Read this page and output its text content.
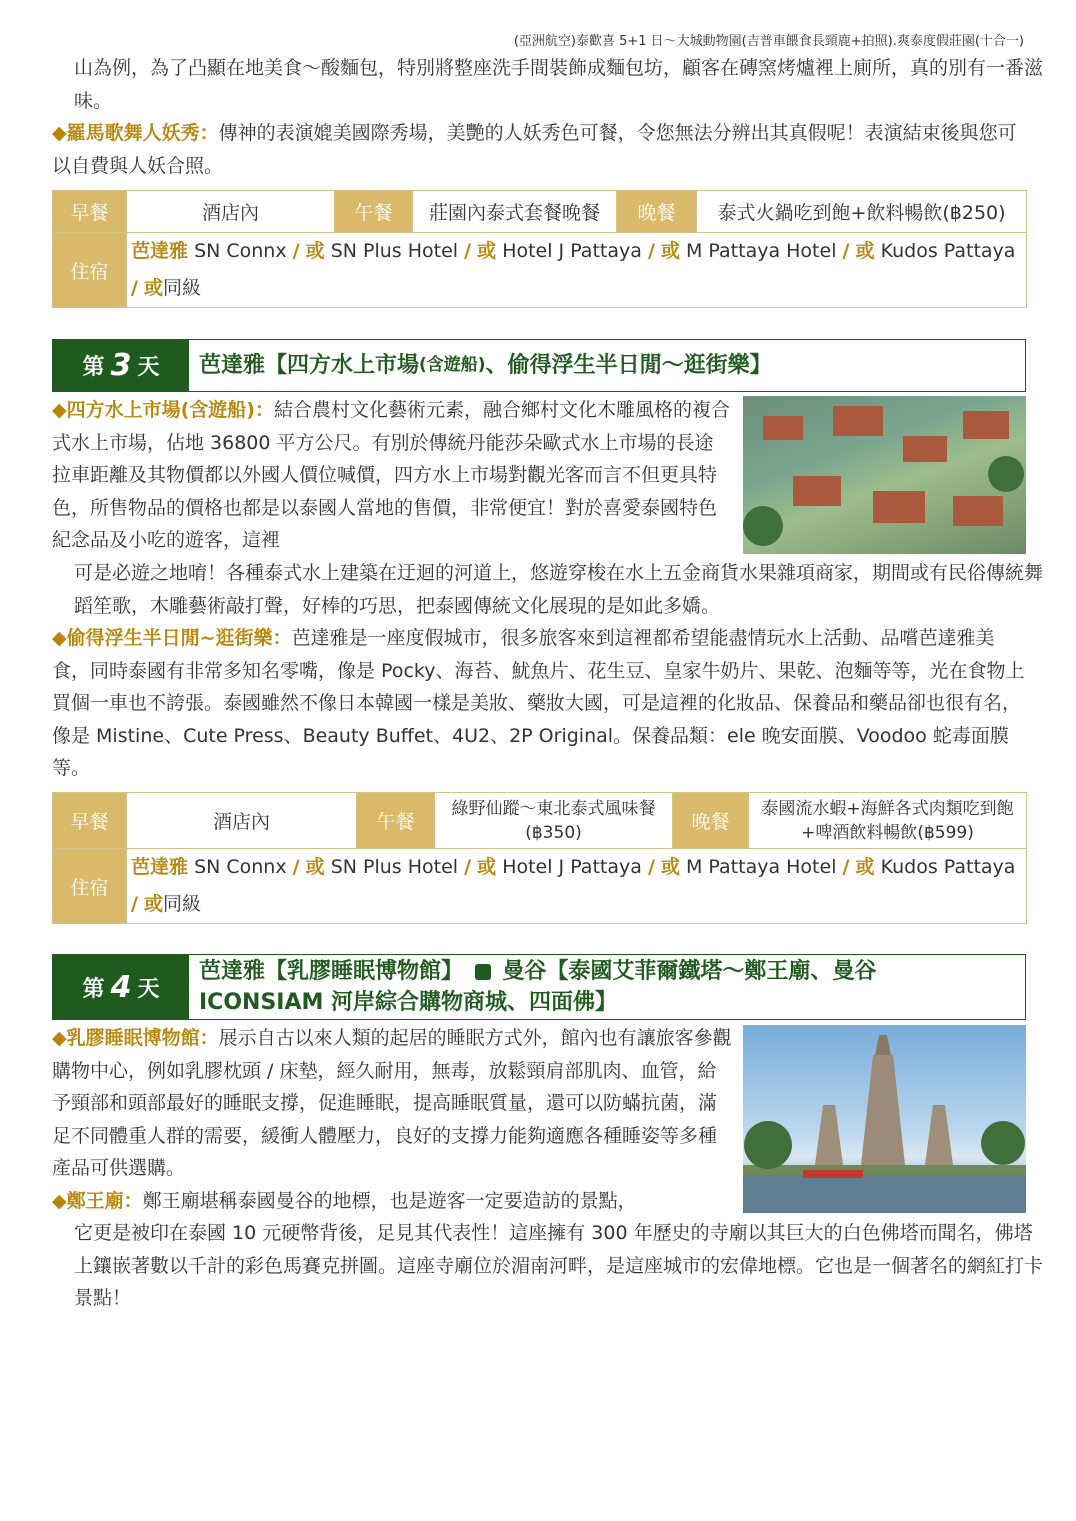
(亞洲航空)泰歡喜 5+1 日～大城動物園(吉普車餵食長頸鹿+拍照).爽泰度假莊園(十合一)
山為例，為了凸顯在地美食～酸麵包，特別將整座洗手間裝飾成麵包坊，顧客在磚窯烤爐裡上廁所，真的別有一番滋味。
◆羅馬歌舞人妖秀：傳神的表演媲美國際秀場，美艷的人妖秀色可餐，令您無法分辨出其真假呢！表演結束後與您可以自費與人妖合照。
早餐	酒店內	午餐	莊園內泰式套餐晚餐	晚餐	泰式火鍋吃到飽+飲料暢飲(฿250)
住宿	芭達雅 SN Connx / 或 SN Plus Hotel / 或 Hotel J Pattaya / 或 M Pattaya Hotel / 或 Kudos Pattaya / 或同級				
第 3 天 芭達雅【四方水上市場 (含遊船) 、偷得浮生半日閒～逛街樂】
◆四方水上市場(含遊船)：結合農村文化藝術元素，融合鄉村文化木雕風格的複合式水上市場，佔地 36800 平方公尺。有別於傳統丹能莎朵歐式水上市場的長途拉車距離及其物價都以外國人價位喊價，四方水上市場對觀光客而言不但更具特色，所售物品的價格也都是以泰國人當地的售價，非常便宜！對於喜愛泰國特色紀念品及小吃的遊客，這裡
可是必遊之地唷！各種泰式水上建築在迂迴的河道上，悠遊穿梭在水上五金商貨水果雜項商家，期間或有民俗傳統舞蹈笙歌，木雕藝術敲打聲，好棒的巧思，把泰國傳統文化展現的是如此多嬌。
◆偷得浮生半日閒~逛街樂：芭達雅是一座度假城市，很多旅客來到這裡都希望能盡情玩水上活動、品嚐芭達雅美食，同時泰國有非常多知名零嘴，像是 Pocky、海苔、魷魚片、花生豆、皇家牛奶片、果乾、泡麵等等，光在食物上買個一車也不誇張。泰國雖然不像日本韓國一樣是美妝、藥妝大國，可是這裡的化妝品、保養品和藥品卻也很有名，像是 Mistine、Cute Press、Beauty Buffet、4U2、2P Original。保養品類：ele 晚安面膜、Voodoo 蛇毒面膜等。
早餐	酒店內	午餐	綠野仙蹤～東北泰式風味餐(฿350)	晚餐	泰國流水蝦+海鮮各式肉類吃到飽+啤酒飲料暢飲(฿599)
住宿	芭達雅 SN Connx / 或 SN Plus Hotel / 或 Hotel J Pattaya / 或 M Pattaya Hotel / 或 Kudos Pattaya / 或同級				
第 4 天
芭達雅【乳膠睡眠博物館】 曼谷【泰國艾菲爾鐵塔～鄭王廟、曼谷
ICONSIAM 河岸綜合購物商城、四面佛】
◆乳膠睡眠博物館：展示自古以來人類的起居的睡眠方式外，館內也有讓旅客參觀購物中心，例如乳膠枕頭 / 床墊，經久耐用，無毒，放鬆頸肩部肌肉、血管，給予頸部和頭部最好的睡眠支撐，促進睡眠，提高睡眠質量，還可以防蟎抗菌，滿足不同體重人群的需要，緩衝人體壓力，良好的支撐力能夠適應各種睡姿等多種產品可供選購。
◆鄭王廟：鄭王廟堪稱泰國曼谷的地標，也是遊客一定要造訪的景點，
它更是被印在泰國 10 元硬幣背後，足見其代表性！這座擁有 300 年歷史的寺廟以其巨大的白色佛塔而聞名，佛塔上鑲嵌著數以千計的彩色馬賽克拼圖。這座寺廟位於湄南河畔，是這座城市的宏偉地標。它也是一個著名的網紅打卡景點！
